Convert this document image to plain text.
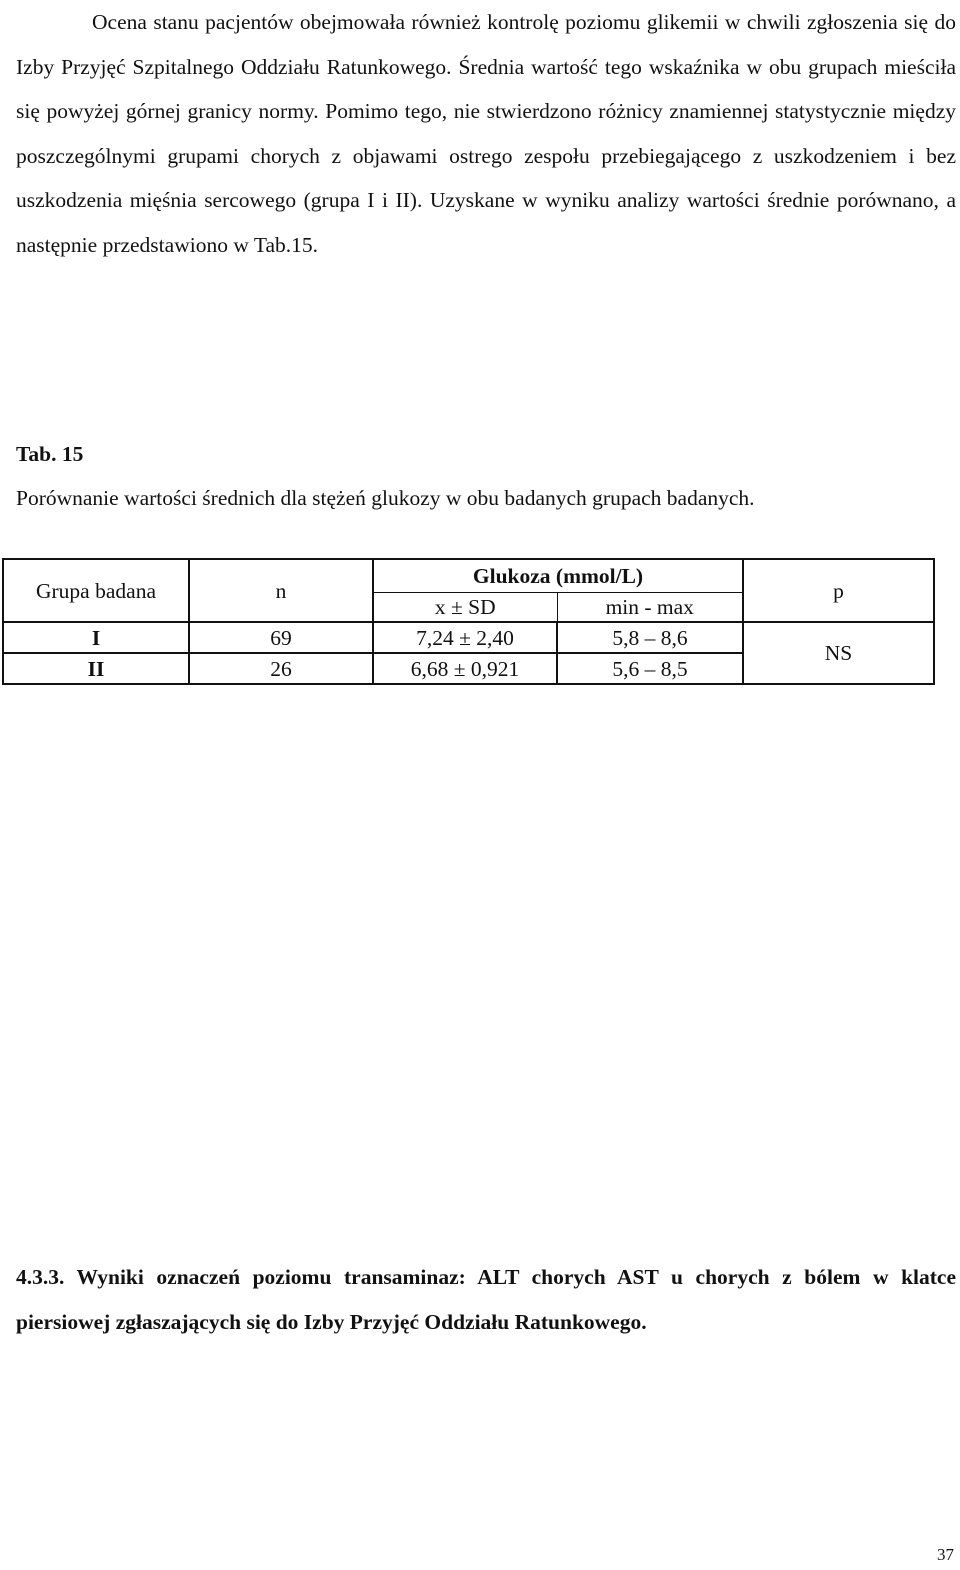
Ocena stanu pacjentów obejmowała również kontrolę poziomu glikemii w chwili zgłoszenia się do Izby Przyjęć Szpitalnego Oddziału Ratunkowego. Średnia wartość tego wskaźnika w obu grupach mieściła się powyżej górnej granicy normy. Pomimo tego, nie stwierdzono różnicy znamiennej statystycznie między poszczególnymi grupami chorych z objawami ostrego zespołu przebiegającego z uszkodzeniem i bez uszkodzenia mięśnia sercowego (grupa I i II). Uzyskane w wyniku analizy wartości średnie porównano, a następnie przedstawiono w Tab.15.

Tab. 15

Porównanie wartości średnich dla stężeń glukozy w obu badanych grupach badanych.

Grupa badana	n	Glukoza (mmol/L)		p
		x ± SD	min - max	
I	69	7,24 ± 2,40	5,8 – 8,6	NS
II	26	6,68 ± 0,921	5,6 – 8,5	

4.3.3. Wyniki oznaczeń poziomu transaminaz: ALT chorych AST u chorych z bólem w klatce piersiowej zgłaszających się do Izby Przyjęć Oddziału Ratunkowego.

37
